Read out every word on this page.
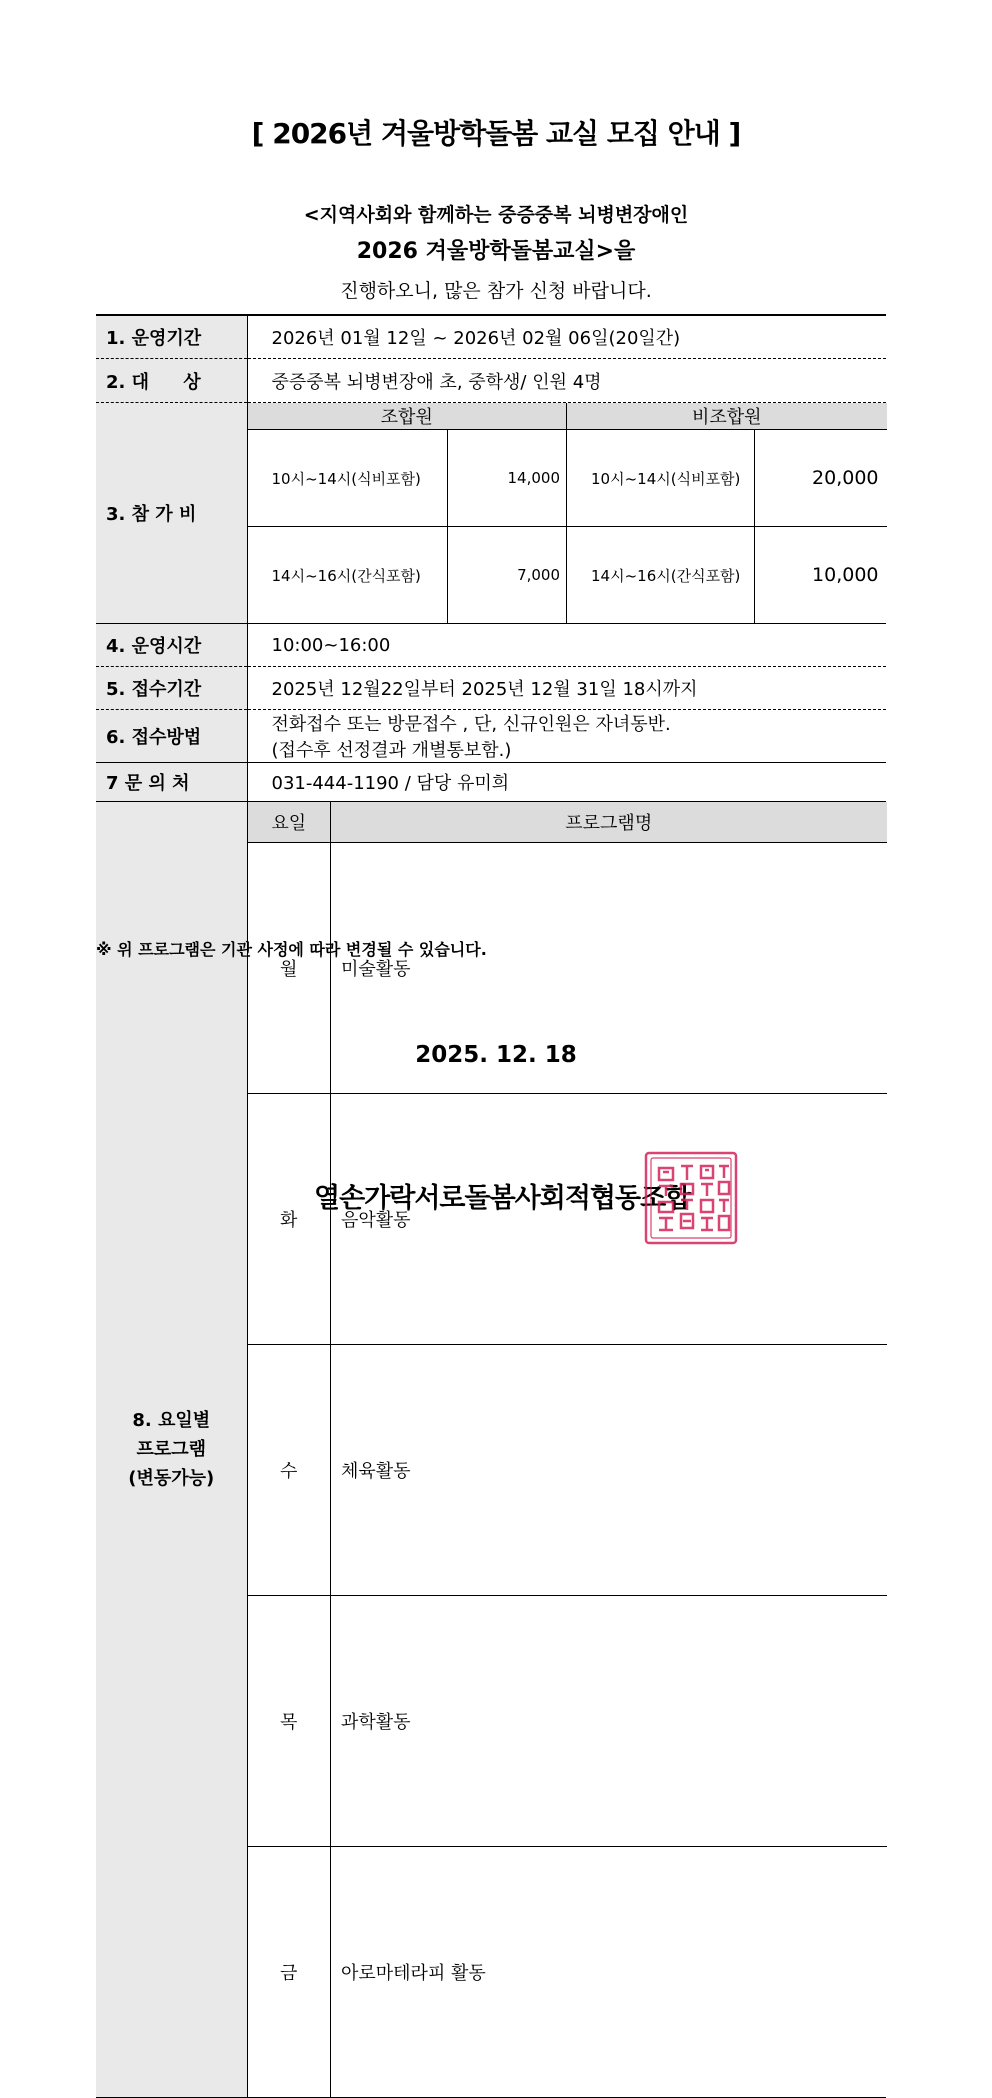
[ 2026년 겨울방학돌봄 교실 모집 안내 ]
<지역사회와 함께하는 중증중복 뇌병변장애인
2026 겨울방학돌봄교실>을
진행하오니, 많은 참가 신청 바랍니다.
1. 운영기간	2026년 01월 12일 ~ 2026년 02월 06일(20일간)
2. 대 상	중증중복 뇌병변장애 초, 중학생/ 인원 4명
3. 참 가 비	
조합원	비조합원
10시~14시(식비포함)	14,000	10시~14시(식비포함)	20,000
14시~16시(간식포함)	7,000	14시~16시(간식포함)	10,000

4. 운영시간	10:00~16:00
5. 접수기간	2025년 12월22일부터 2025년 12월 31일 18시까지
6. 접수방법	
전화접수 또는 방문접수 , 단, 신규인원은 자녀동반.
(접수후 선정결과 개별통보함.)

7 문 의 처	031-444-1190 / 담당 유미희

8. 요일별
프로그램
(변동가능)

요일	프로그램명
월	미술활동
화	음악활동
수	체육활동
목	과학활동
금	아로마테라피 활동
※ 위 프로그램은 기관 사정에 따라 변경될 수 있습니다.
2025. 12. 18
열손가락서로돌봄사회적협동조합
